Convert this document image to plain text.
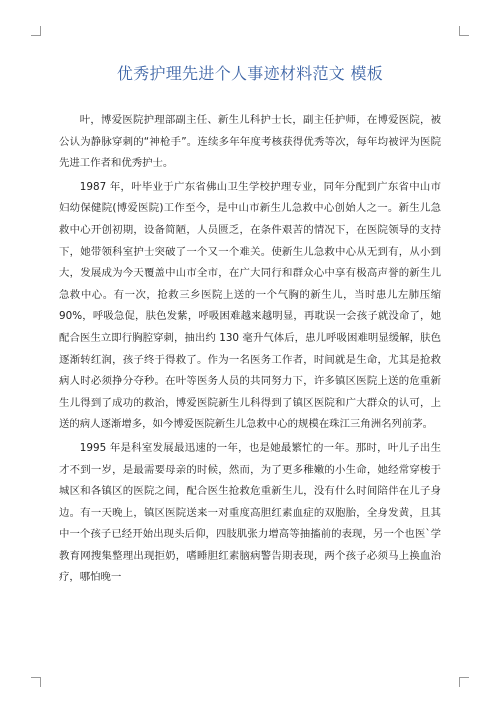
优秀护理先进个人事迹材料范文 模板

叶，博爱医院护理部副主任、新生儿科护士长，副主任护师，在博爱医院，被公认为静脉穿刺的“神枪手”。连续多年年度考核获得优秀等次，每年均被评为医院先进工作者和优秀护士。

1987 年，叶毕业于广东省佛山卫生学校护理专业，同年分配到广东省中山市妇幼保健院(博爱医院)工作至今，是中山市新生儿急救中心创始人之一。新生儿急救中心开创初期，设备简陋，人员匮乏，在条件艰苦的情况下，在医院领导的支持下，她带领科室护士突破了一个又一个难关。使新生儿急救中心从无到有，从小到大，发展成为今天覆盖中山市全市，在广大同行和群众心中享有极高声誉的新生儿急救中心。有一次，抢救三乡医院上送的一个气胸的新生儿，当时患儿左肺压缩 90%，呼吸急促，肤色发紫，呼吸困难越来越明显，再耽误一会孩子就没命了，她配合医生立即行胸腔穿刺，抽出约 130 毫升气体后，患儿呼吸困难明显缓解，肤色逐渐转红润，孩子终于得救了。作为一名医务工作者，时间就是生命，尤其是抢救病人时必须挣分夺秒。在叶等医务人员的共同努力下，许多镇区医院上送的危重新生儿得到了成功的救治，博爱医院新生儿科得到了镇区医院和广大群众的认可，上送的病人逐渐增多，如今博爱医院新生儿急救中心的规模在珠江三角洲名列前茅。

1995 年是科室发展最迅速的一年，也是她最繁忙的一年。那时，叶儿子出生才不到一岁，是最需要母亲的时候，然而，为了更多稚嫩的小生命，她经常穿梭于城区和各镇区的医院之间，配合医生抢救危重新生儿，没有什么时间陪伴在儿子身边。有一天晚上，镇区医院送来一对重度高胆红素血症的双胞胎，全身发黄，且其中一个孩子已经开始出现头后仰，四肢肌张力增高等抽搐前的表现，另一个也医`学教育网搜集整理出现拒奶，嗜睡胆红素脑病警告期表现，两个孩子必须马上换血治疗，哪怕晚一
